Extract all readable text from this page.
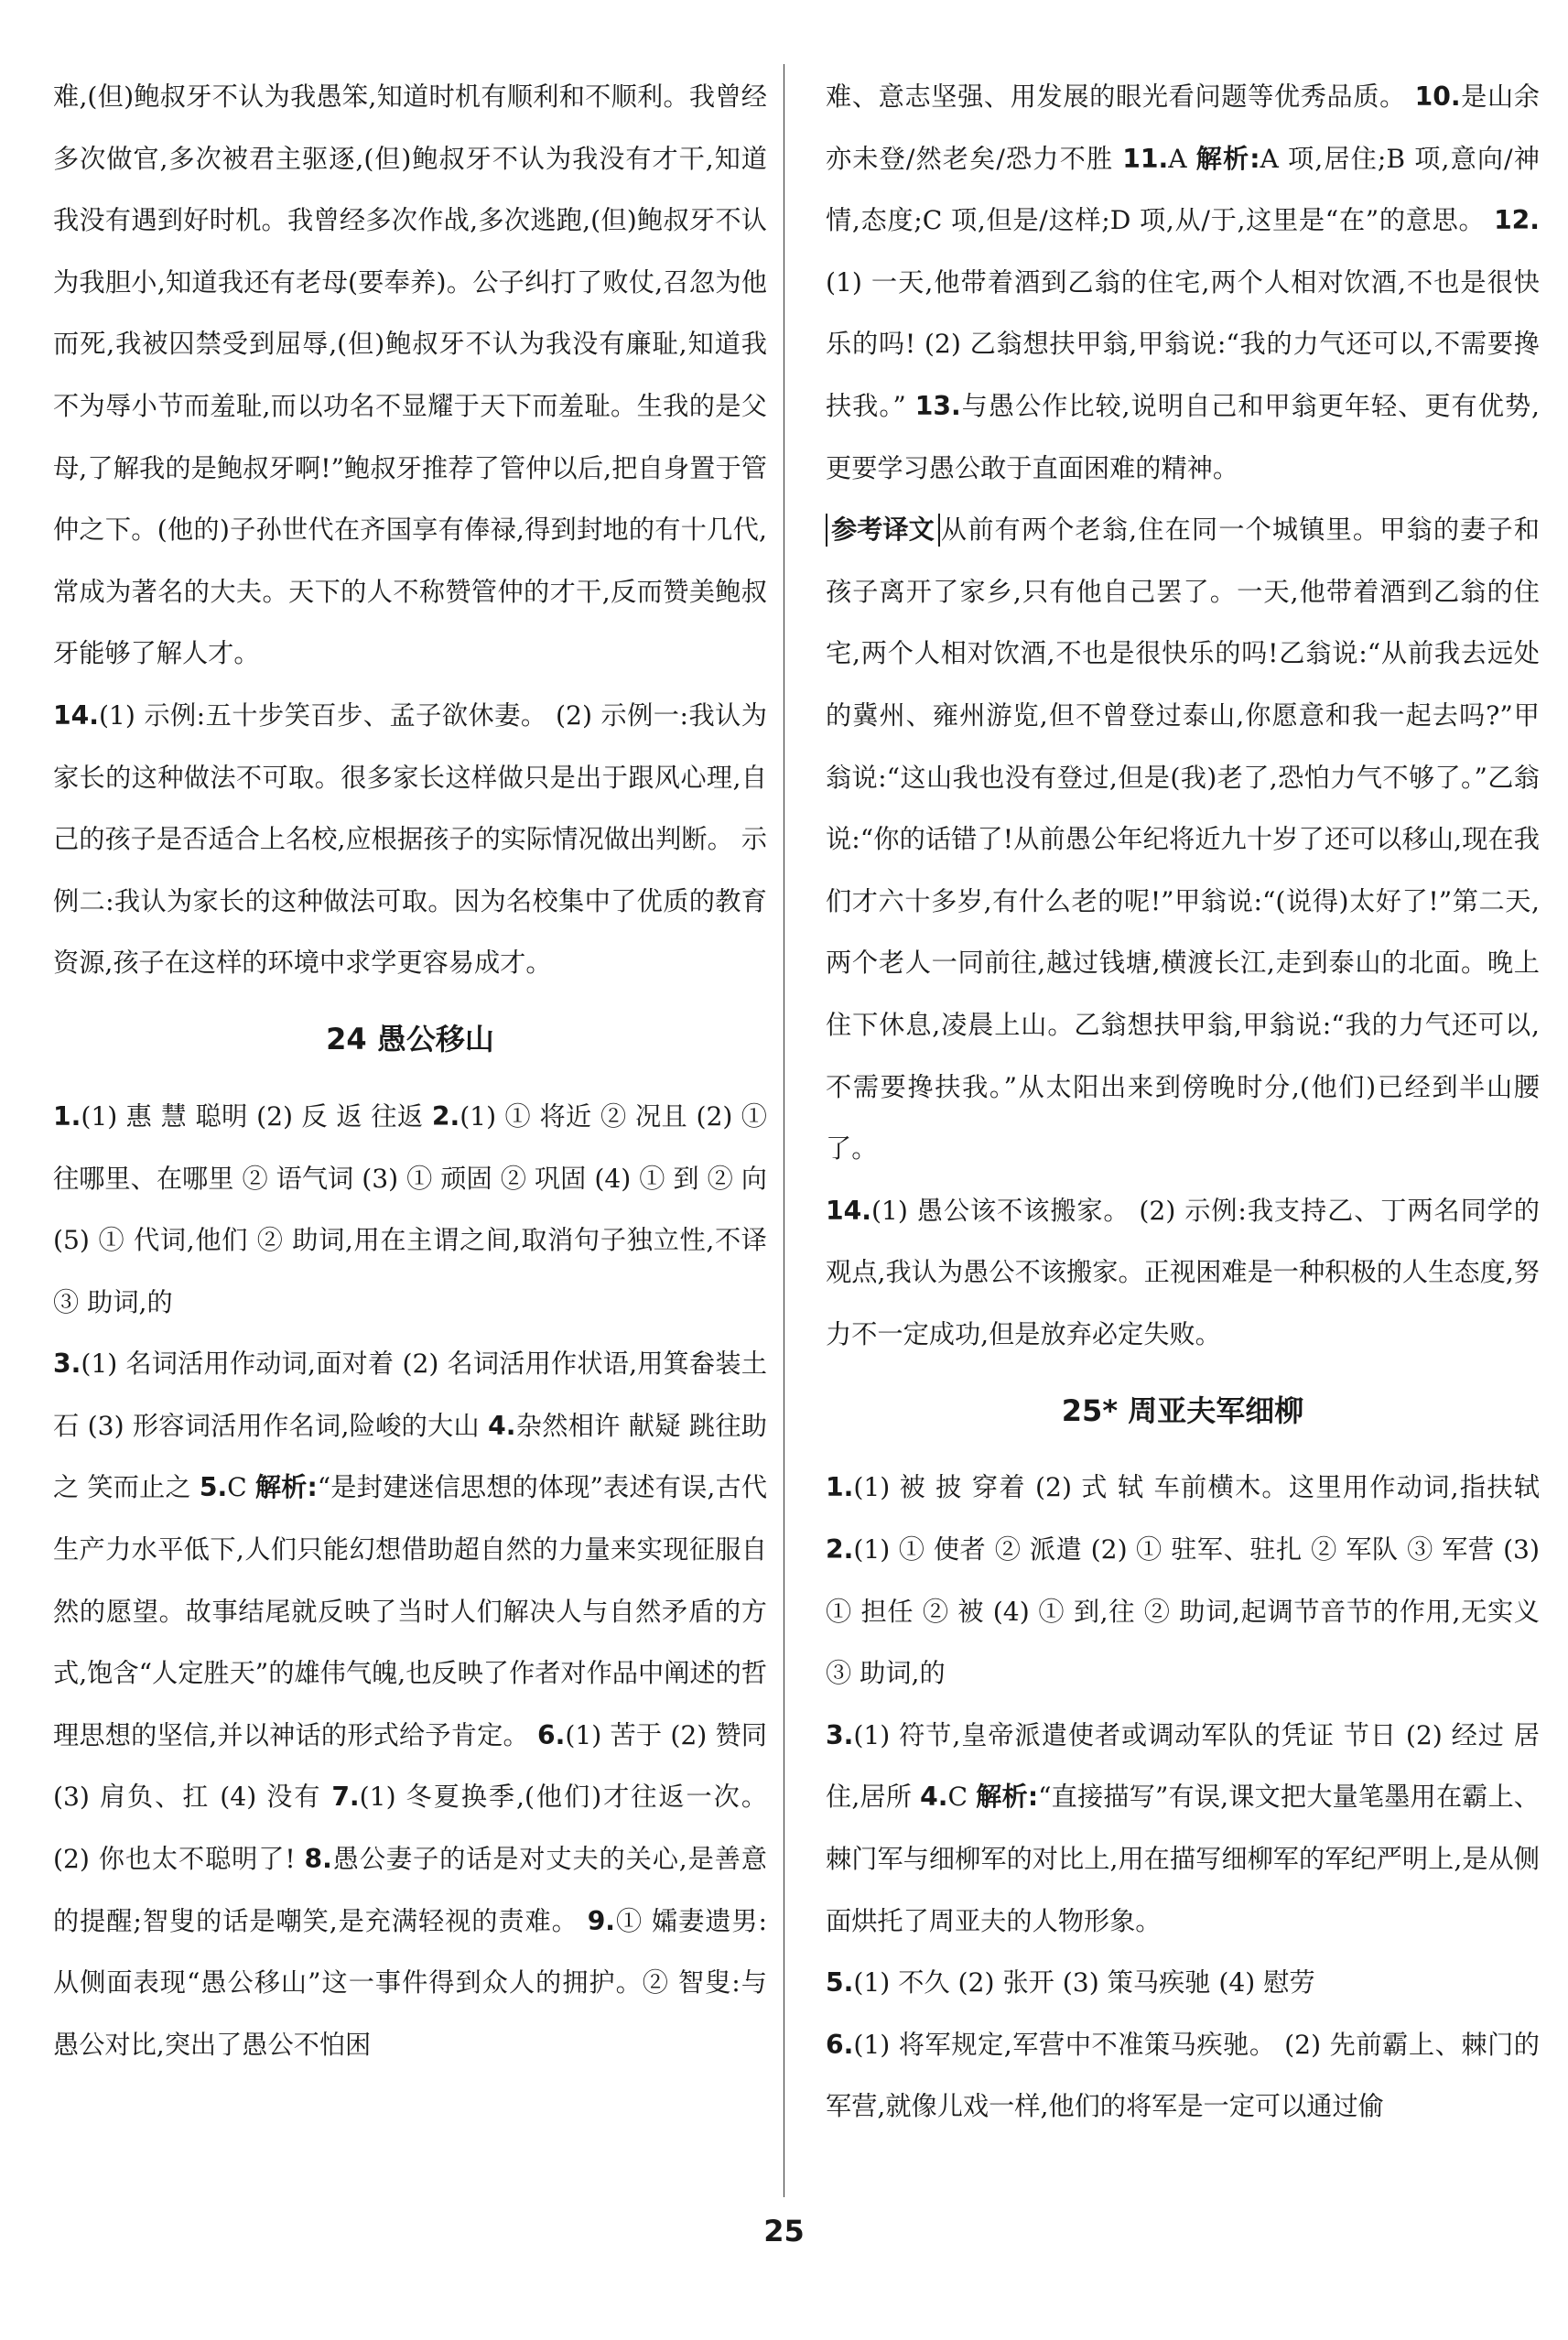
难,(但)鲍叔牙不认为我愚笨,知道时机有顺利和不顺利。我曾经多次做官,多次被君主驱逐,(但)鲍叔牙不认为我没有才干,知道我没有遇到好时机。我曾经多次作战,多次逃跑,(但)鲍叔牙不认为我胆小,知道我还有老母(要奉养)。公子纠打了败仗,召忽为他而死,我被囚禁受到屈辱,(但)鲍叔牙不认为我没有廉耻,知道我不为辱小节而羞耻,而以功名不显耀于天下而羞耻。生我的是父母,了解我的是鲍叔牙啊!”鲍叔牙推荐了管仲以后,把自身置于管仲之下。(他的)子孙世代在齐国享有俸禄,得到封地的有十几代,常成为著名的大夫。天下的人不称赞管仲的才干,反而赞美鲍叔牙能够了解人才。
14.(1) 示例:五十步笑百步、孟子欲休妻。 (2) 示例一:我认为家长的这种做法不可取。很多家长这样做只是出于跟风心理,自己的孩子是否适合上名校,应根据孩子的实际情况做出判断。 示例二:我认为家长的这种做法可取。因为名校集中了优质的教育资源,孩子在这样的环境中求学更容易成才。
24 愚公移山
1.(1) 惠 慧 聪明 (2) 反 返 往返 2.(1) ① 将近 ② 况且 (2) ① 往哪里、在哪里 ② 语气词 (3) ① 顽固 ② 巩固 (4) ① 到 ② 向 (5) ① 代词,他们 ② 助词,用在主谓之间,取消句子独立性,不译 ③ 助词,的
3.(1) 名词活用作动词,面对着 (2) 名词活用作状语,用箕畚装土石 (3) 形容词活用作名词,险峻的大山 4.杂然相许 献疑 跳往助之 笑而止之 5.C 解析:“是封建迷信思想的体现”表述有误,古代生产力水平低下,人们只能幻想借助超自然的力量来实现征服自然的愿望。故事结尾就反映了当时人们解决人与自然矛盾的方式,饱含“人定胜天”的雄伟气魄,也反映了作者对作品中阐述的哲理思想的坚信,并以神话的形式给予肯定。 6.(1) 苦于 (2) 赞同 (3) 肩负、扛 (4) 没有 7.(1) 冬夏换季,(他们)才往返一次。 (2) 你也太不聪明了! 8.愚公妻子的话是对丈夫的关心,是善意的提醒;智叟的话是嘲笑,是充满轻视的责难。 9.① 孀妻遗男:从侧面表现“愚公移山”这一事件得到众人的拥护。② 智叟:与愚公对比,突出了愚公不怕困
难、意志坚强、用发展的眼光看问题等优秀品质。 10.是山余亦未登/然老矣/恐力不胜 11.A 解析:A 项,居住;B 项,意向/神情,态度;C 项,但是/这样;D 项,从/于,这里是“在”的意思。 12.(1) 一天,他带着酒到乙翁的住宅,两个人相对饮酒,不也是很快乐的吗! (2) 乙翁想扶甲翁,甲翁说:“我的力气还可以,不需要搀扶我。” 13.与愚公作比较,说明自己和甲翁更年轻、更有优势,更要学习愚公敢于直面困难的精神。
参考译文 从前有两个老翁,住在同一个城镇里。甲翁的妻子和孩子离开了家乡,只有他自己罢了。一天,他带着酒到乙翁的住宅,两个人相对饮酒,不也是很快乐的吗!乙翁说:“从前我去远处的冀州、雍州游览,但不曾登过泰山,你愿意和我一起去吗?”甲翁说:“这山我也没有登过,但是(我)老了,恐怕力气不够了。”乙翁说:“你的话错了!从前愚公年纪将近九十岁了还可以移山,现在我们才六十多岁,有什么老的呢!”甲翁说:“(说得)太好了!”第二天,两个老人一同前往,越过钱塘,横渡长江,走到泰山的北面。晚上住下休息,凌晨上山。乙翁想扶甲翁,甲翁说:“我的力气还可以,不需要搀扶我。”从太阳出来到傍晚时分,(他们)已经到半山腰了。
14.(1) 愚公该不该搬家。 (2) 示例:我支持乙、丁两名同学的观点,我认为愚公不该搬家。正视困难是一种积极的人生态度,努力不一定成功,但是放弃必定失败。
25* 周亚夫军细柳
1.(1) 被 披 穿着 (2) 式 轼 车前横木。这里用作动词,指扶轼 2.(1) ① 使者 ② 派遣 (2) ① 驻军、驻扎 ② 军队 ③ 军营 (3) ① 担任 ② 被 (4) ① 到,往 ② 助词,起调节音节的作用,无实义 ③ 助词,的
3.(1) 符节,皇帝派遣使者或调动军队的凭证 节日 (2) 经过 居住,居所 4.C 解析:“直接描写”有误,课文把大量笔墨用在霸上、棘门军与细柳军的对比上,用在描写细柳军的军纪严明上,是从侧面烘托了周亚夫的人物形象。
5.(1) 不久 (2) 张开 (3) 策马疾驰 (4) 慰劳
6.(1) 将军规定,军营中不准策马疾驰。 (2) 先前霸上、棘门的军营,就像儿戏一样,他们的将军是一定可以通过偷
25
